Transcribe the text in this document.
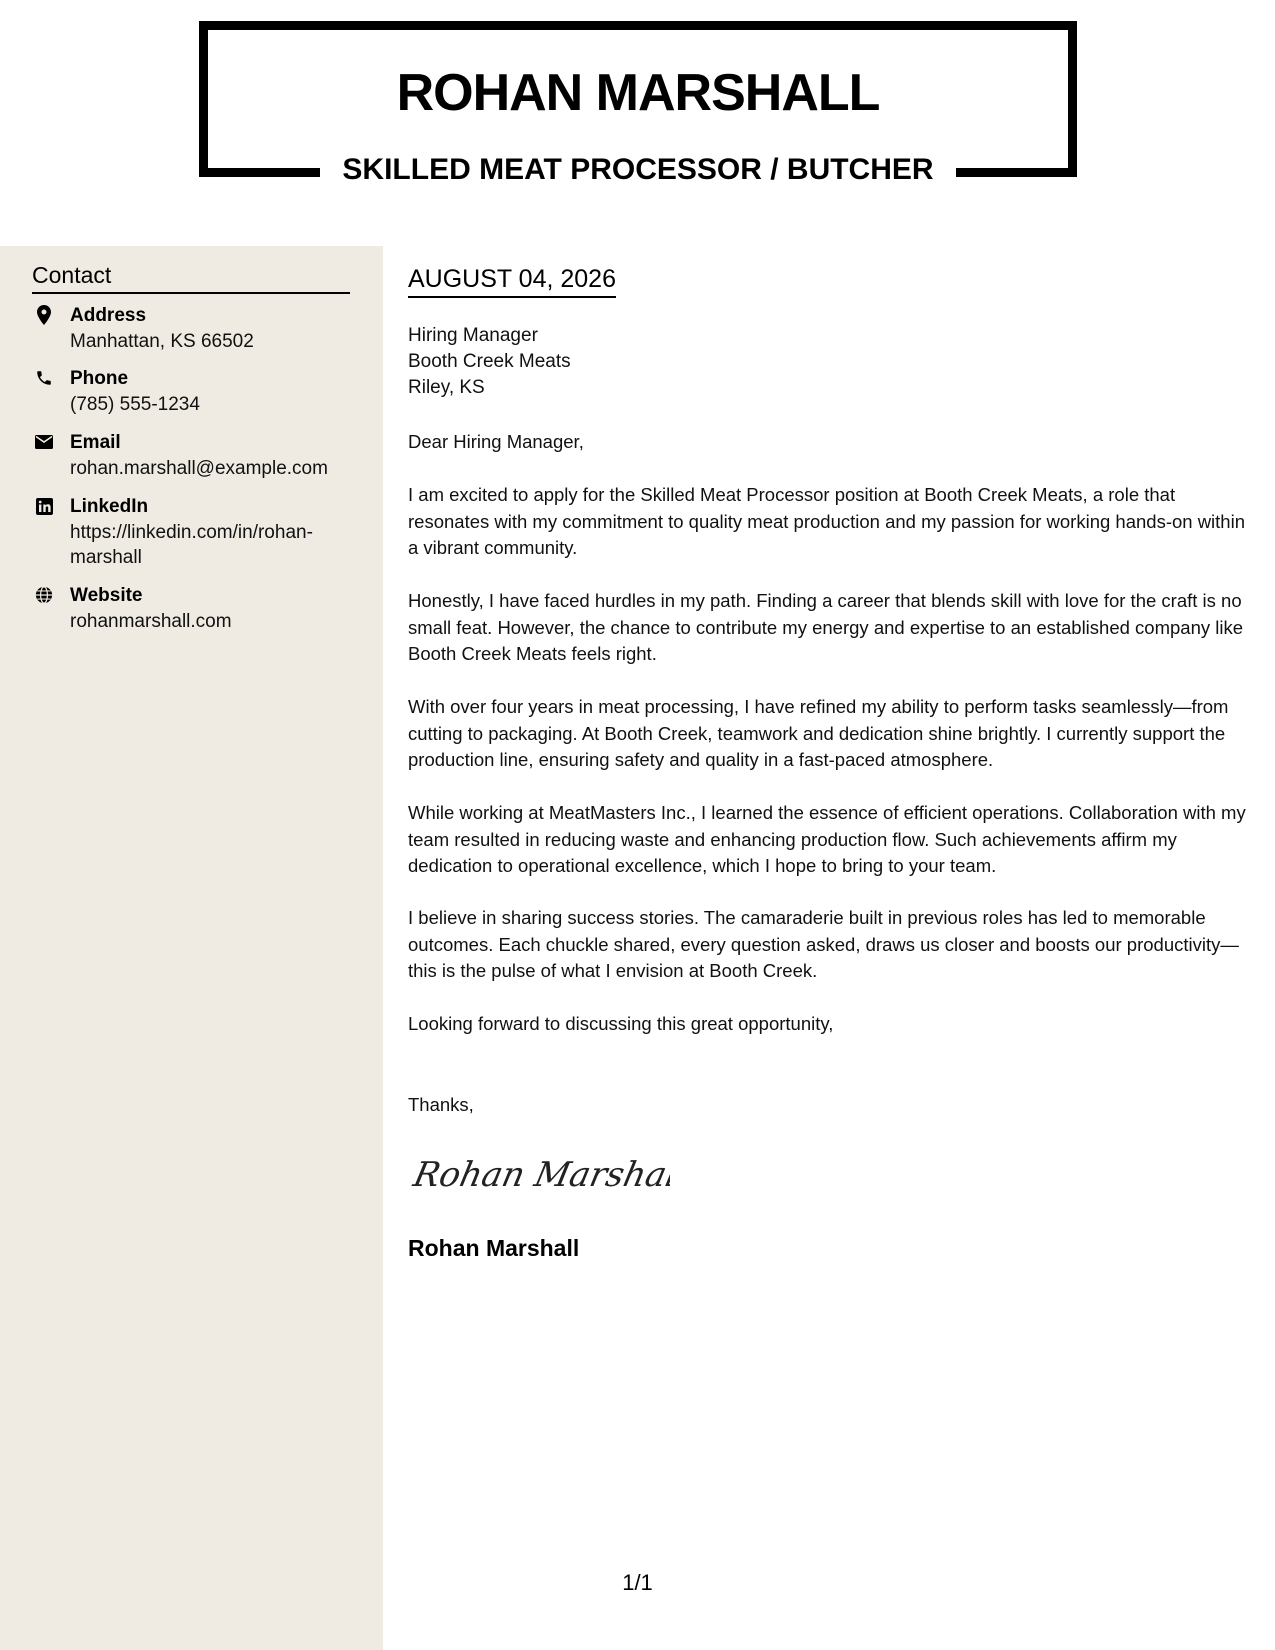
ROHAN MARSHALL
SKILLED MEAT PROCESSOR / BUTCHER
Contact
Address
Manhattan, KS 66502
Phone
(785) 555-1234
Email
rohan.marshall@example.com
LinkedIn
https://linkedin.com/in/rohan-marshall
Website
rohanmarshall.com
AUGUST 04, 2026
Hiring Manager
Booth Creek Meats
Riley, KS

Dear Hiring Manager,

I am excited to apply for the Skilled Meat Processor position at Booth Creek Meats, a role that resonates with my commitment to quality meat production and my passion for working hands-on within a vibrant community.

Honestly, I have faced hurdles in my path. Finding a career that blends skill with love for the craft is no small feat. However, the chance to contribute my energy and expertise to an established company like Booth Creek Meats feels right.

With over four years in meat processing, I have refined my ability to perform tasks seamlessly—from cutting to packaging. At Booth Creek, teamwork and dedication shine brightly. I currently support the production line, ensuring safety and quality in a fast-paced atmosphere.

While working at MeatMasters Inc., I learned the essence of efficient operations. Collaboration with my team resulted in reducing waste and enhancing production flow. Such achievements affirm my dedication to operational excellence, which I hope to bring to your team.

I believe in sharing success stories. The camaraderie built in previous roles has led to memorable outcomes. Each chuckle shared, every question asked, draws us closer and boosts our productivity—this is the pulse of what I envision at Booth Creek.

Looking forward to discussing this great opportunity,

Thanks,

Rohan Marshall
Rohan Marshall
1/1
